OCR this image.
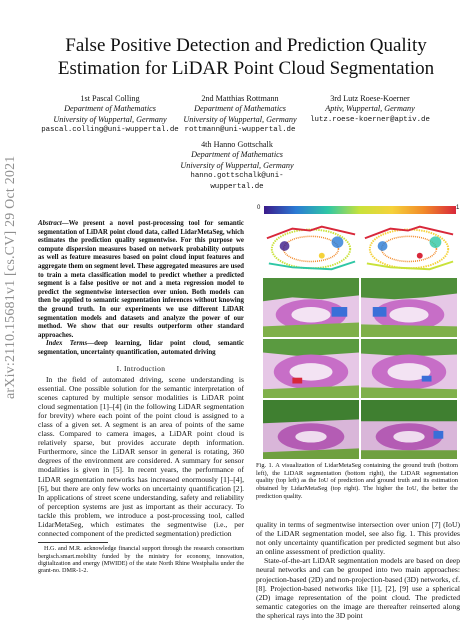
arXiv:2110.15681v1 [cs.CV] 29 Oct 2021
False Positive Detection and Prediction Quality
Estimation for LiDAR Point Cloud Segmentation
1st Pascal Colling
Department of Mathematics
University of Wuppertal, Germany
pascal.colling@uni-wuppertal.de
2nd Matthias Rottmann
Department of Mathematics
University of Wuppertal, Germany
rottmann@uni-wuppertal.de
3rd Lutz Roese-Koerner
Aptiv, Wuppertal, Germany
lutz.roese-koerner@aptiv.de
4th Hanno Gottschalk
Department of Mathematics
University of Wuppertal, Germany
hanno.gottschalk@uni-wuppertal.de

Abstract—We present a novel post-processing tool for semantic segmentation of LiDAR point cloud data, called LidarMetaSeg, which estimates the prediction quality segmentwise. For this purpose we compute dispersion measures based on network probability outputs as well as feature measures based on point cloud input features and aggregate them on segment level. These aggregated measures are used to train a meta classification model to predict whether a predicted segment is a false positive or not and a meta regression model to predict the segmentwise intersection over union. Both models can then be applied to semantic segmentation inferences without knowing the ground truth. In our experiments we use different LiDAR segmentation models and datasets and analyze the power of our method. We show that our results outperform other standard approaches.

Index Terms—deep learning, lidar point cloud, semantic segmentation, uncertainty quantification, automated driving

I. Introduction

In the field of automated driving, scene understanding is essential. One possible solution for the semantic interpretation of scenes captured by multiple sensor modalities is LiDAR point cloud segmentation [1]–[4] (in the following LiDAR segmentation for brevity) where each point of the point cloud is assigned to a class of a given set. A segment is an area of points of the same class. Compared to camera images, a LiDAR point cloud is relatively sparse, but provides accurate depth information. Furthermore, since the LiDAR sensor in general is rotating, 360 degrees of the environment are considered. A summary for sensor modalities is given in [5]. In recent years, the performance of LiDAR segmentation networks has increased enormously [1]–[4], [6], but there are only few works on uncertainty quantification [2]. In applications of street scene understanding, safety and reliability of perception systems are just as important as their accuracy. To tackle this problem, we introduce a post-processing tool, called LidarMetaSeg, which estimates the segmentwise (i.e., per connected component of the predicted segmentation) prediction

H.G. and M.R. acknowledge financial support through the research consortium bergisch.smart.mobility funded by the ministry for economy, innovation, digitalization and energy (MWIDE) of the state North Rhine Westphalia under the grant-no. DMR-1-2.

0	1

Fig. 1. A visualization of LidarMetaSeg containing the ground truth (bottom left), the LiDAR segmentation (bottom right), the LiDAR segmentation quality (top left) as the IoU of prediction and ground truth and its estimation obtained by LidarMetaSeg (top right). The higher the IoU, the better the prediction quality.

quality in terms of segmentwise intersection over union [7] (IoU) of the LiDAR segmentation model, see also fig. 1. This provides not only uncertainty quantification per predicted segment but also an online assessment of prediction quality.

State-of-the-art LiDAR segmentation models are based on deep neural networks and can be grouped into two main approaches: projection-based (2D) and non-projection-based (3D) networks, cf. [8]. Projection-based networks like [1], [2], [9] use a spherical (2D) image representation of the point cloud. The predicted semantic categories on the image are thereafter reinserted along the spherical rays into the 3D point
